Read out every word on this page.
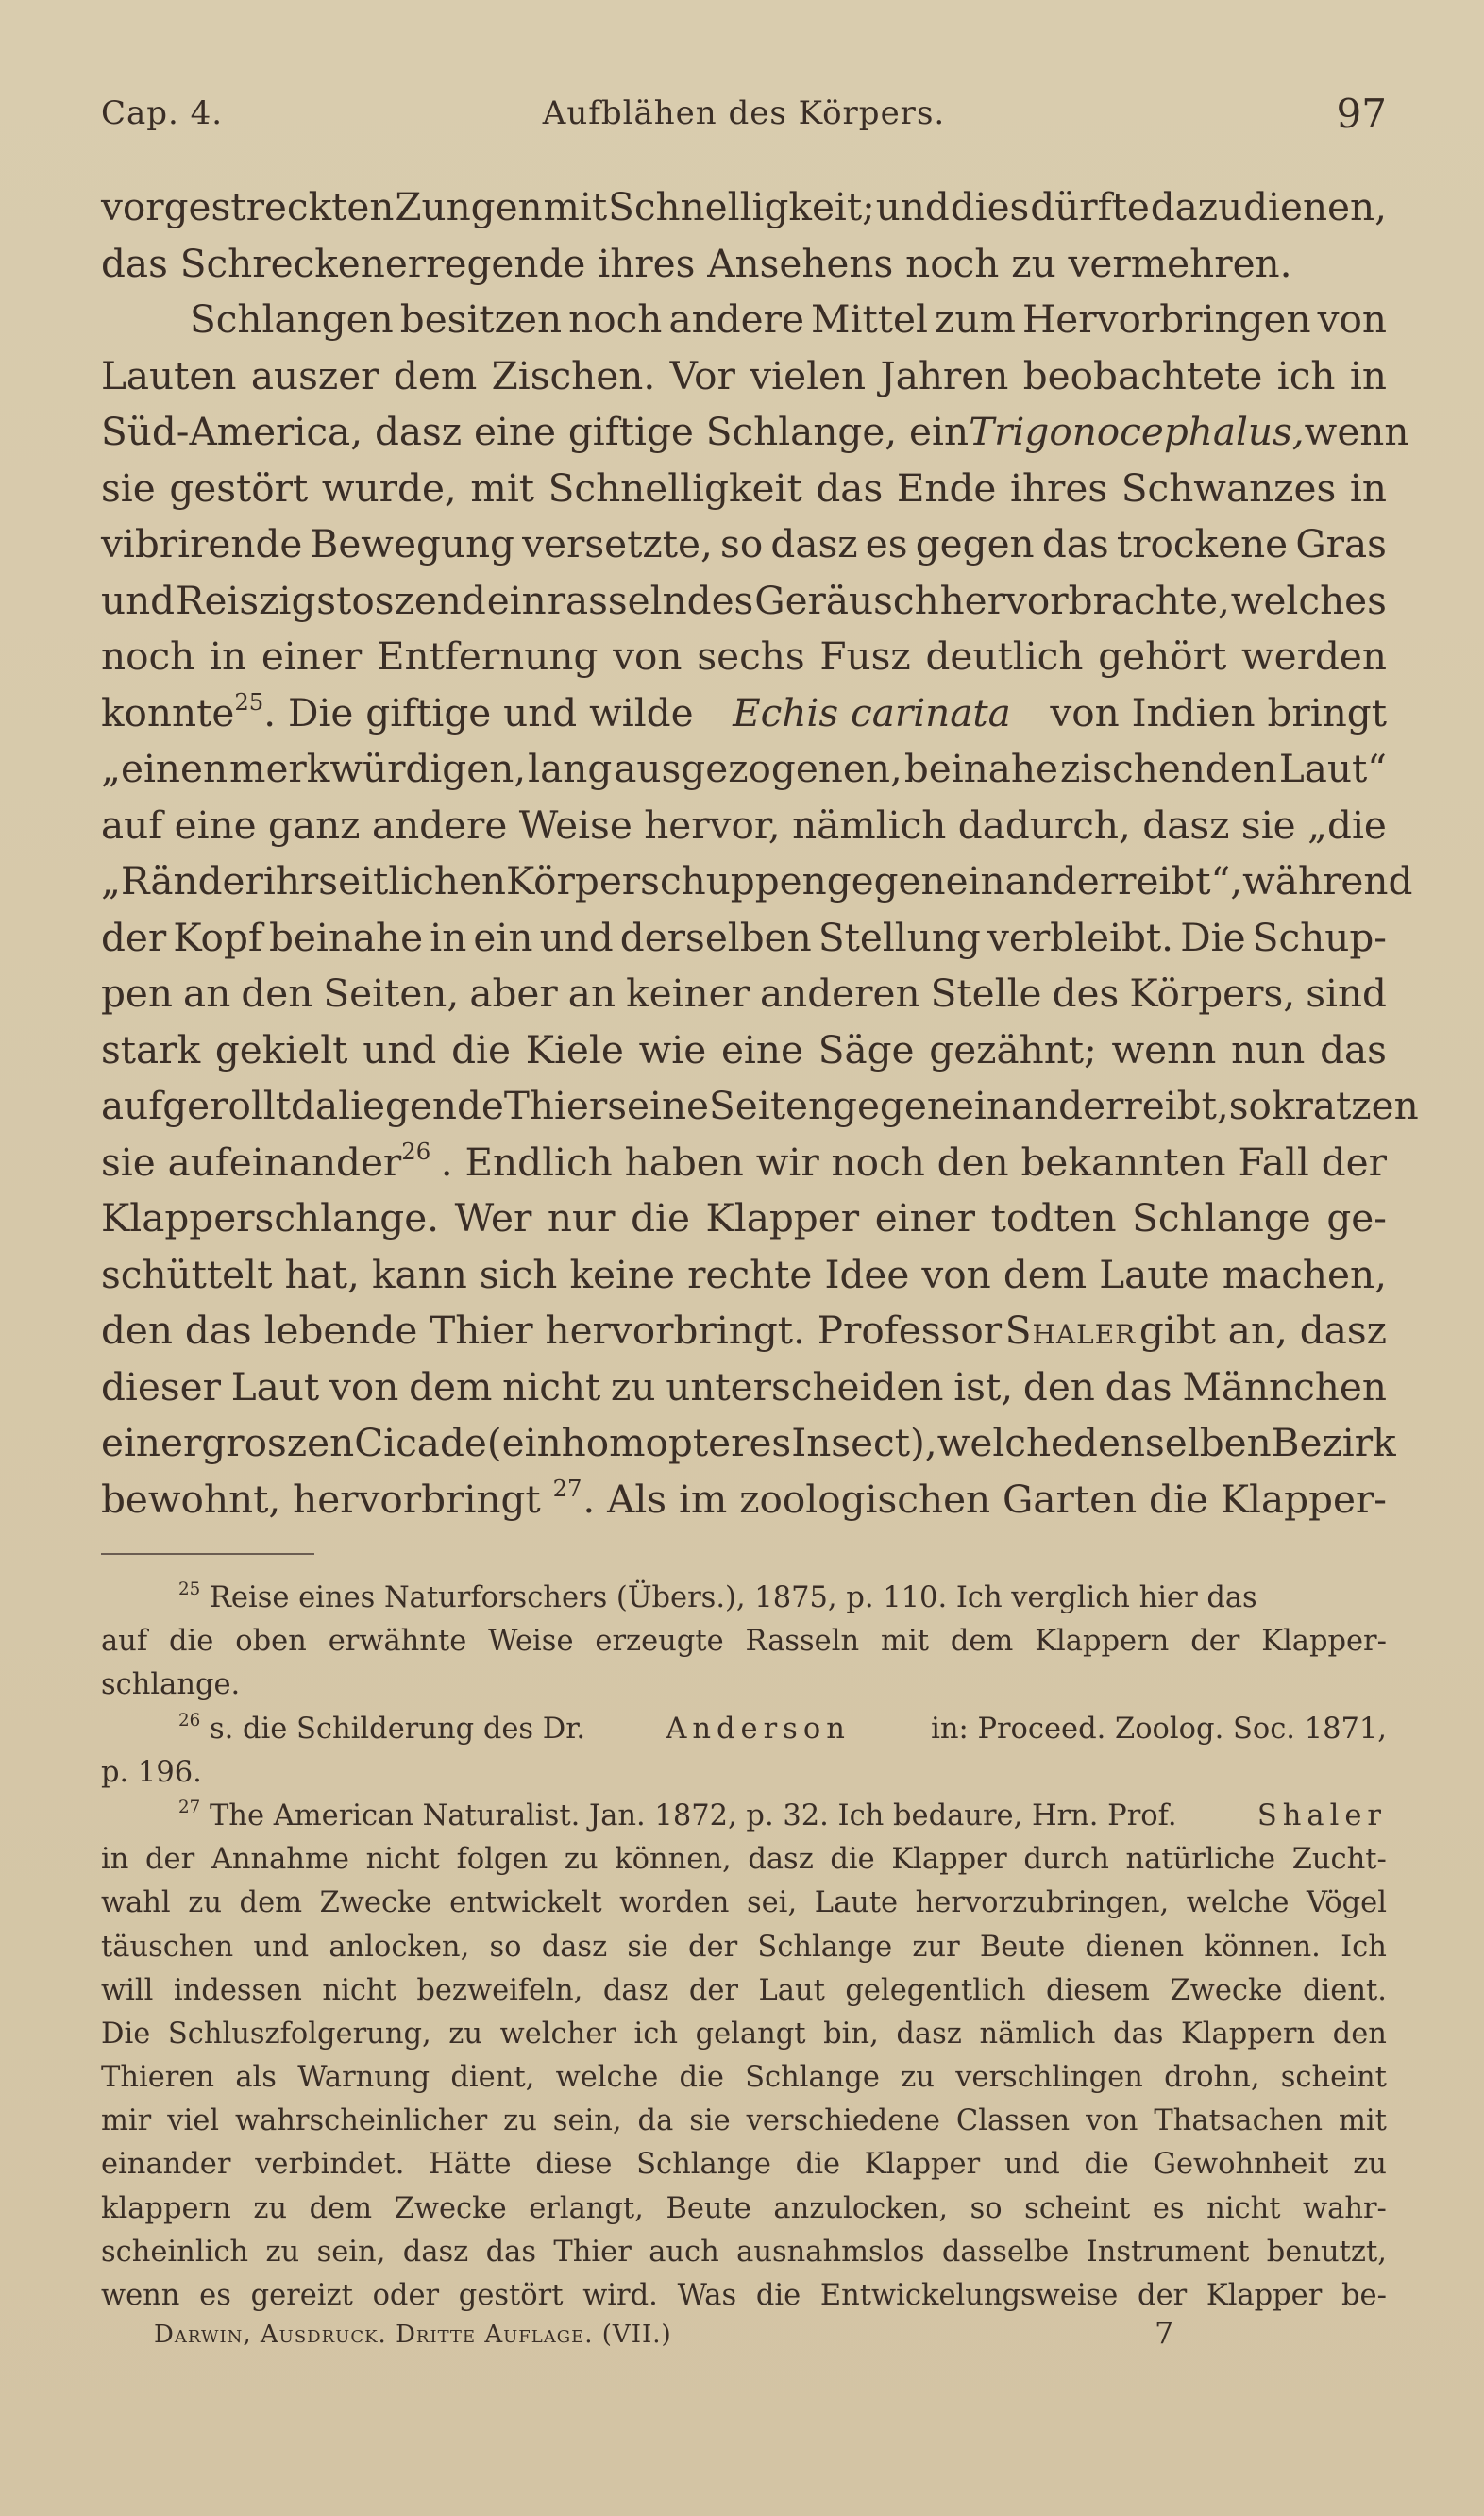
Cap. 4.	Aufblähen des Körpers.	97
vorgestreckten Zungen mit Schnelligkeit; und dies dürfte dazu dienen,
das Schreckenerregende ihres Ansehens noch zu vermehren.
Schlangen besitzen noch andere Mittel zum Hervorbringen von
Lauten auszer dem Zischen. Vor vielen Jahren beobachtete ich in
Süd-America, dasz eine giftige Schlange, ein Trigonocephalus, wenn
sie gestört wurde, mit Schnelligkeit das Ende ihres Schwanzes in
vibrirende Bewegung versetzte, so dasz es gegen das trockene Gras
und Reiszig stoszend ein rasselndes Geräusch hervorbrachte, welches
noch in einer Entfernung von sechs Fusz deutlich gehört werden
konnte$^{25}$. Die giftige und wilde Echis carinata von Indien bringt
„einen merkwürdigen, lang ausgezogenen, beinahe zischenden Laut“
auf eine ganz andere Weise hervor, nämlich dadurch, dasz sie „die
„Ränder ihr seitlichen Körperschuppen gegen einander reibt“, während
der Kopf beinahe in ein und derselben Stellung verbleibt. Die Schup-
pen an den Seiten, aber an keiner anderen Stelle des Körpers, sind
stark gekielt und die Kiele wie eine Säge gezähnt; wenn nun das
aufgerollt daliegende Thier seine Seiten gegen einander reibt, so kratzen
sie aufeinander$^{26}$ . Endlich haben wir noch den bekannten Fall der
Klapperschlange. Wer nur die Klapper einer todten Schlange ge-
schüttelt hat, kann sich keine rechte Idee von dem Laute machen,
den das lebende Thier hervorbringt. Professor Shaler gibt an, dasz
dieser Laut von dem nicht zu unterscheiden ist, den das Männchen
einer groszen Cicade (ein homopteres Insect), welche denselben Bezirk
bewohnt, hervorbringt $^{27}$ . Als im zoologischen Garten die Klapper-
$^{25}$ Reise eines Naturforschers (Übers.), 1875, p. 110. Ich verglich hier das
auf die oben erwähnte Weise erzeugte Rasseln mit dem Klappern der Klapper-
schlange.
$^{26}$ s. die Schilderung des Dr.	Anderson	in: Proceed. Zoolog. Soc. 1871,
p. 196.
$^{27}$ The American Naturalist. Jan. 1872, p. 32. Ich bedaure, Hrn. Prof.	Shaler
in der Annahme nicht folgen zu können, dasz die Klapper durch natürliche Zucht-
wahl zu dem Zwecke entwickelt worden sei, Laute hervorzubringen, welche Vögel
täuschen und anlocken, so dasz sie der Schlange zur Beute dienen können. Ich
will indessen nicht bezweifeln, dasz der Laut gelegentlich diesem Zwecke dient.
Die Schluszfolgerung, zu welcher ich gelangt bin, dasz nämlich das Klappern den
Thieren als Warnung dient, welche die Schlange zu verschlingen drohn, scheint
mir viel wahrscheinlicher zu sein, da sie verschiedene Classen von Thatsachen mit
einander verbindet. Hätte diese Schlange die Klapper und die Gewohnheit zu
klappern zu dem Zwecke erlangt, Beute anzulocken, so scheint es nicht wahr-
scheinlich zu sein, dasz das Thier auch ausnahmslos dasselbe Instrument benutzt,
wenn es gereizt oder gestört wird. Was die Entwickelungsweise der Klapper be-
Darwin, Ausdruck. Dritte Auflage. (VII.)	7
